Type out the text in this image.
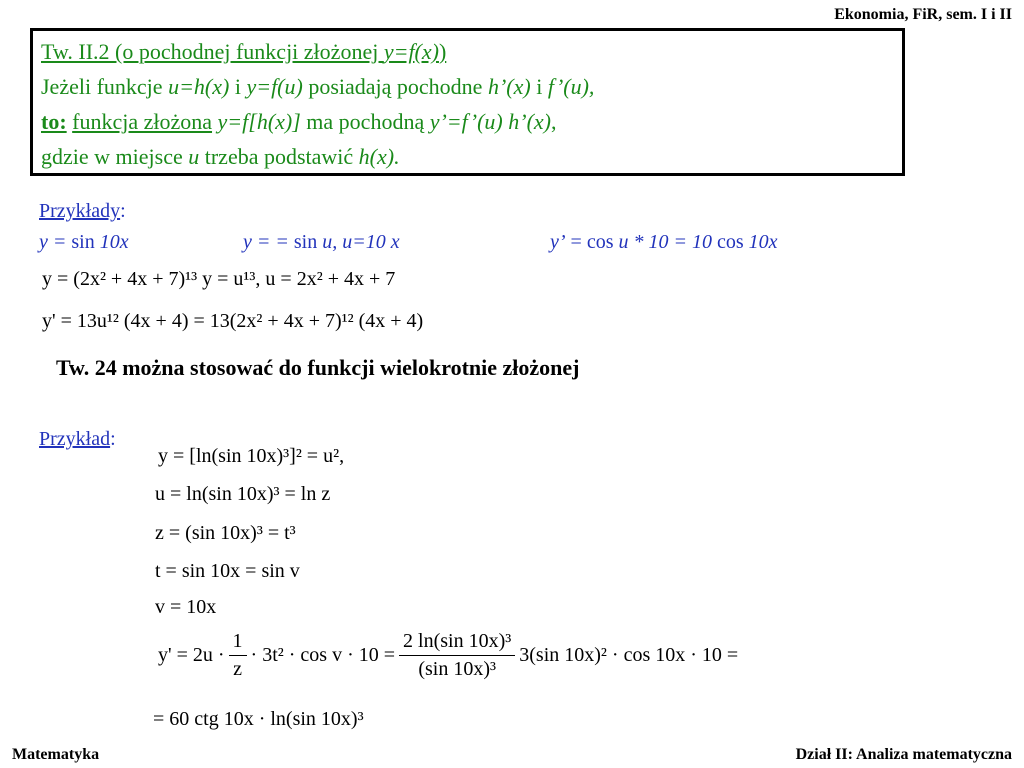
Ekonomia, FiR, sem. I i II
Tw. II.2 (o pochodnej funkcji złożonej y=f(x))
Jeżeli funkcje u=h(x) i y=f(u) posiadają pochodne h’(x) i f’(u),
to: funkcja złożona y=f[h(x)] ma pochodną y’=f’(u) h’(x),
gdzie w miejsce u trzeba podstawić h(x).
Przykłady:
y = sin 10x	y = = sin u, u=10 x	y’ = cos u * 10 = 10 cos 10x
y = (2x² + 4x + 7)¹³ y = u¹³, u = 2x² + 4x + 7
y' = 13u¹² (4x + 4) = 13(2x² + 4x + 7)¹² (4x + 4)
Tw. 24 można stosować do funkcji wielokrotnie złożonej
Przykład:
y = [ln(sin 10x)³]² = u²,
u = ln(sin 10x)³ = ln z
z = (sin 10x)³ = t³
t = sin 10x = sin v
v = 10x
$y' = 2u \cdot \frac{1}{z} \cdot 3t^2 \cdot \cos v \cdot 10 = \frac{\text{2 ln(sin 10x)³}}{\text{(sin 10x)³}} 3(\sin$ 10x)² · cos 10x · 10 =
= 60 ctg 10x · ln(sin 10x)³
Matematyka	Dział II: Analiza matematyczna
